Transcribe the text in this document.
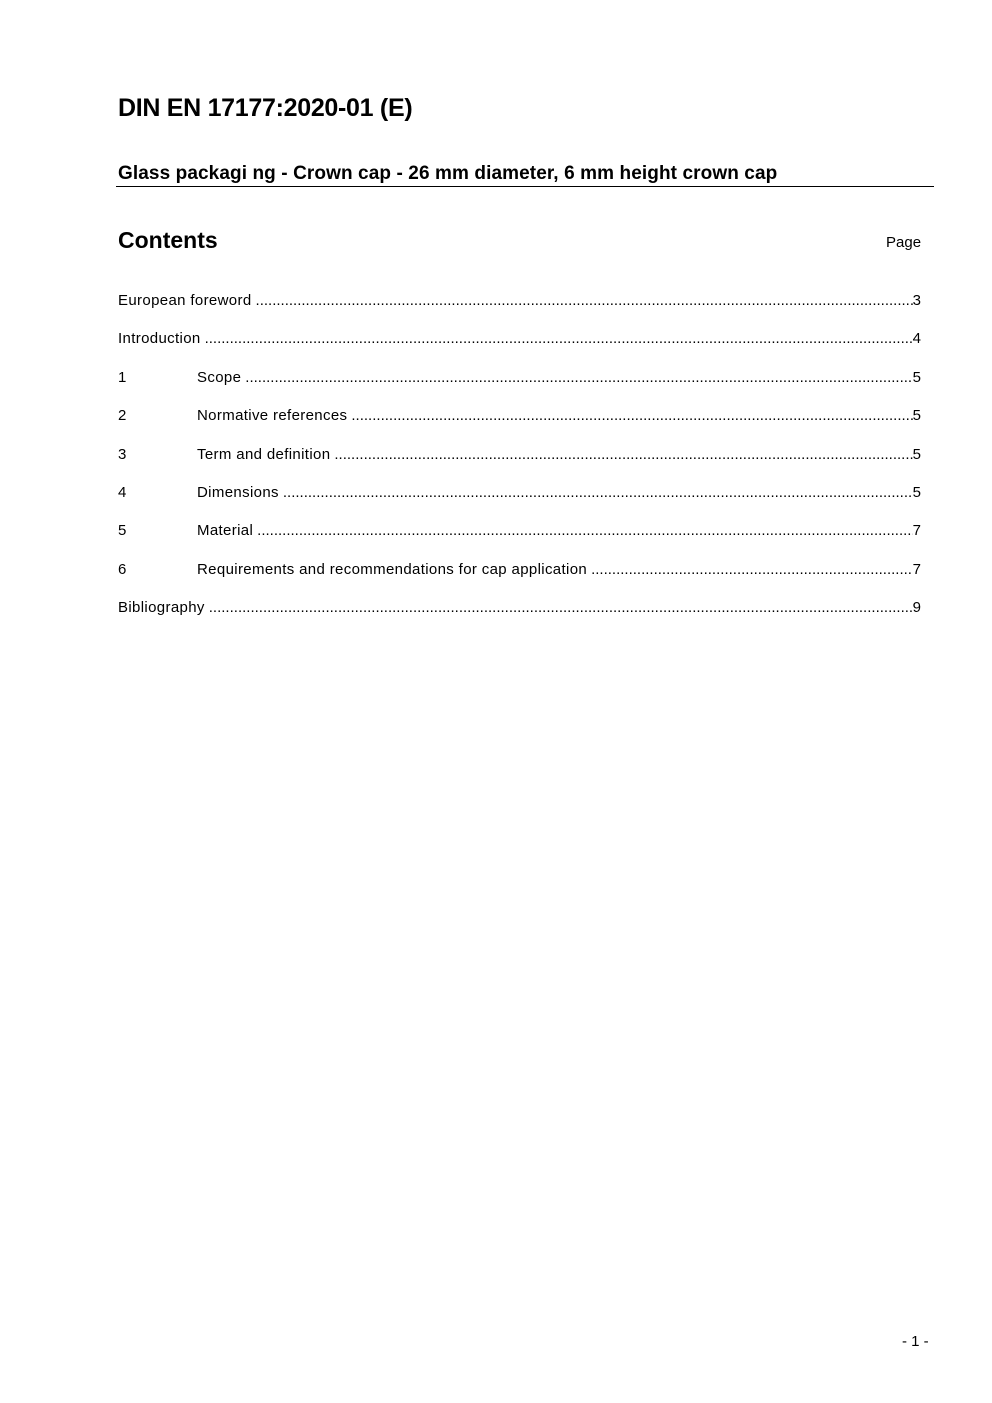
DIN EN 17177:2020-01 (E)
Glass packagi ng - Crown cap - 26 mm diameter, 6 mm height crown cap
Contents	Page
European foreword .....	3
Introduction .....	4
1	Scope .....	5
2	Normative references .....	5
3	Term and definition .....	5
4	Dimensions .....	5
5	Material .....	7
6	Requirements and recommendations for cap application .....	7
Bibliography .....	9
- 1 -
